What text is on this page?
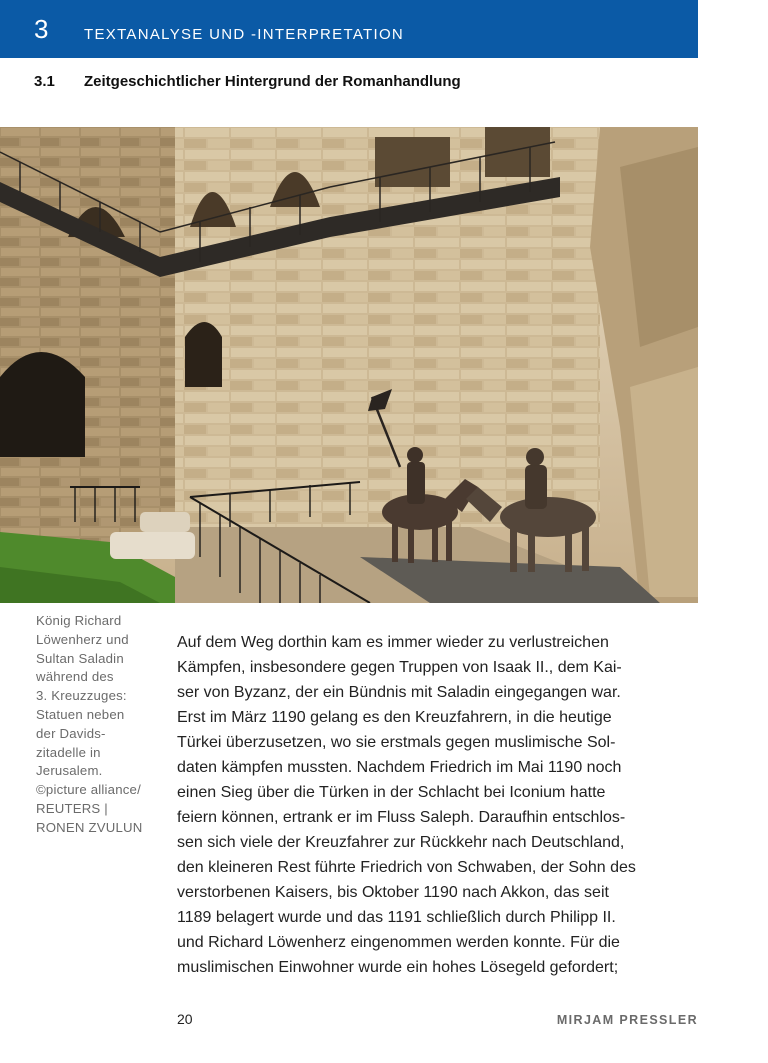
3 TEXTANALYSE UND -INTERPRETATION
3.1 Zeitgeschichtlicher Hintergrund der Romanhandlung
König Richard
Löwenherz und
Sultan Saladin
während des
3. Kreuzzuges:
Statuen neben
der Davids-
zitadelle in
Jerusalem.
©picture alliance/
REUTERS |
RONEN ZVULUN
Auf dem Weg dorthin kam es immer wieder zu verlustreichen
Kämpfen, insbesondere gegen Truppen von Isaak II., dem Kai-
ser von Byzanz, der ein Bündnis mit Saladin eingegangen war.
Erst im März 1190 gelang es den Kreuzfahrern, in die heutige
Türkei überzusetzen, wo sie erstmals gegen muslimische Sol-
daten kämpfen mussten. Nachdem Friedrich im Mai 1190 noch
einen Sieg über die Türken in der Schlacht bei Iconium hatte
feiern können, ertrank er im Fluss Saleph. Daraufhin entschlos-
sen sich viele der Kreuzfahrer zur Rückkehr nach Deutschland,
den kleineren Rest führte Friedrich von Schwaben, der Sohn des
verstorbenen Kaisers, bis Oktober 1190 nach Akkon, das seit
1189 belagert wurde und das 1191 schließlich durch Philipp II.
und Richard Löwenherz eingenommen werden konnte. Für die
muslimischen Einwohner wurde ein hohes Lösegeld gefordert;
20	MIRJAM PRESSLER
